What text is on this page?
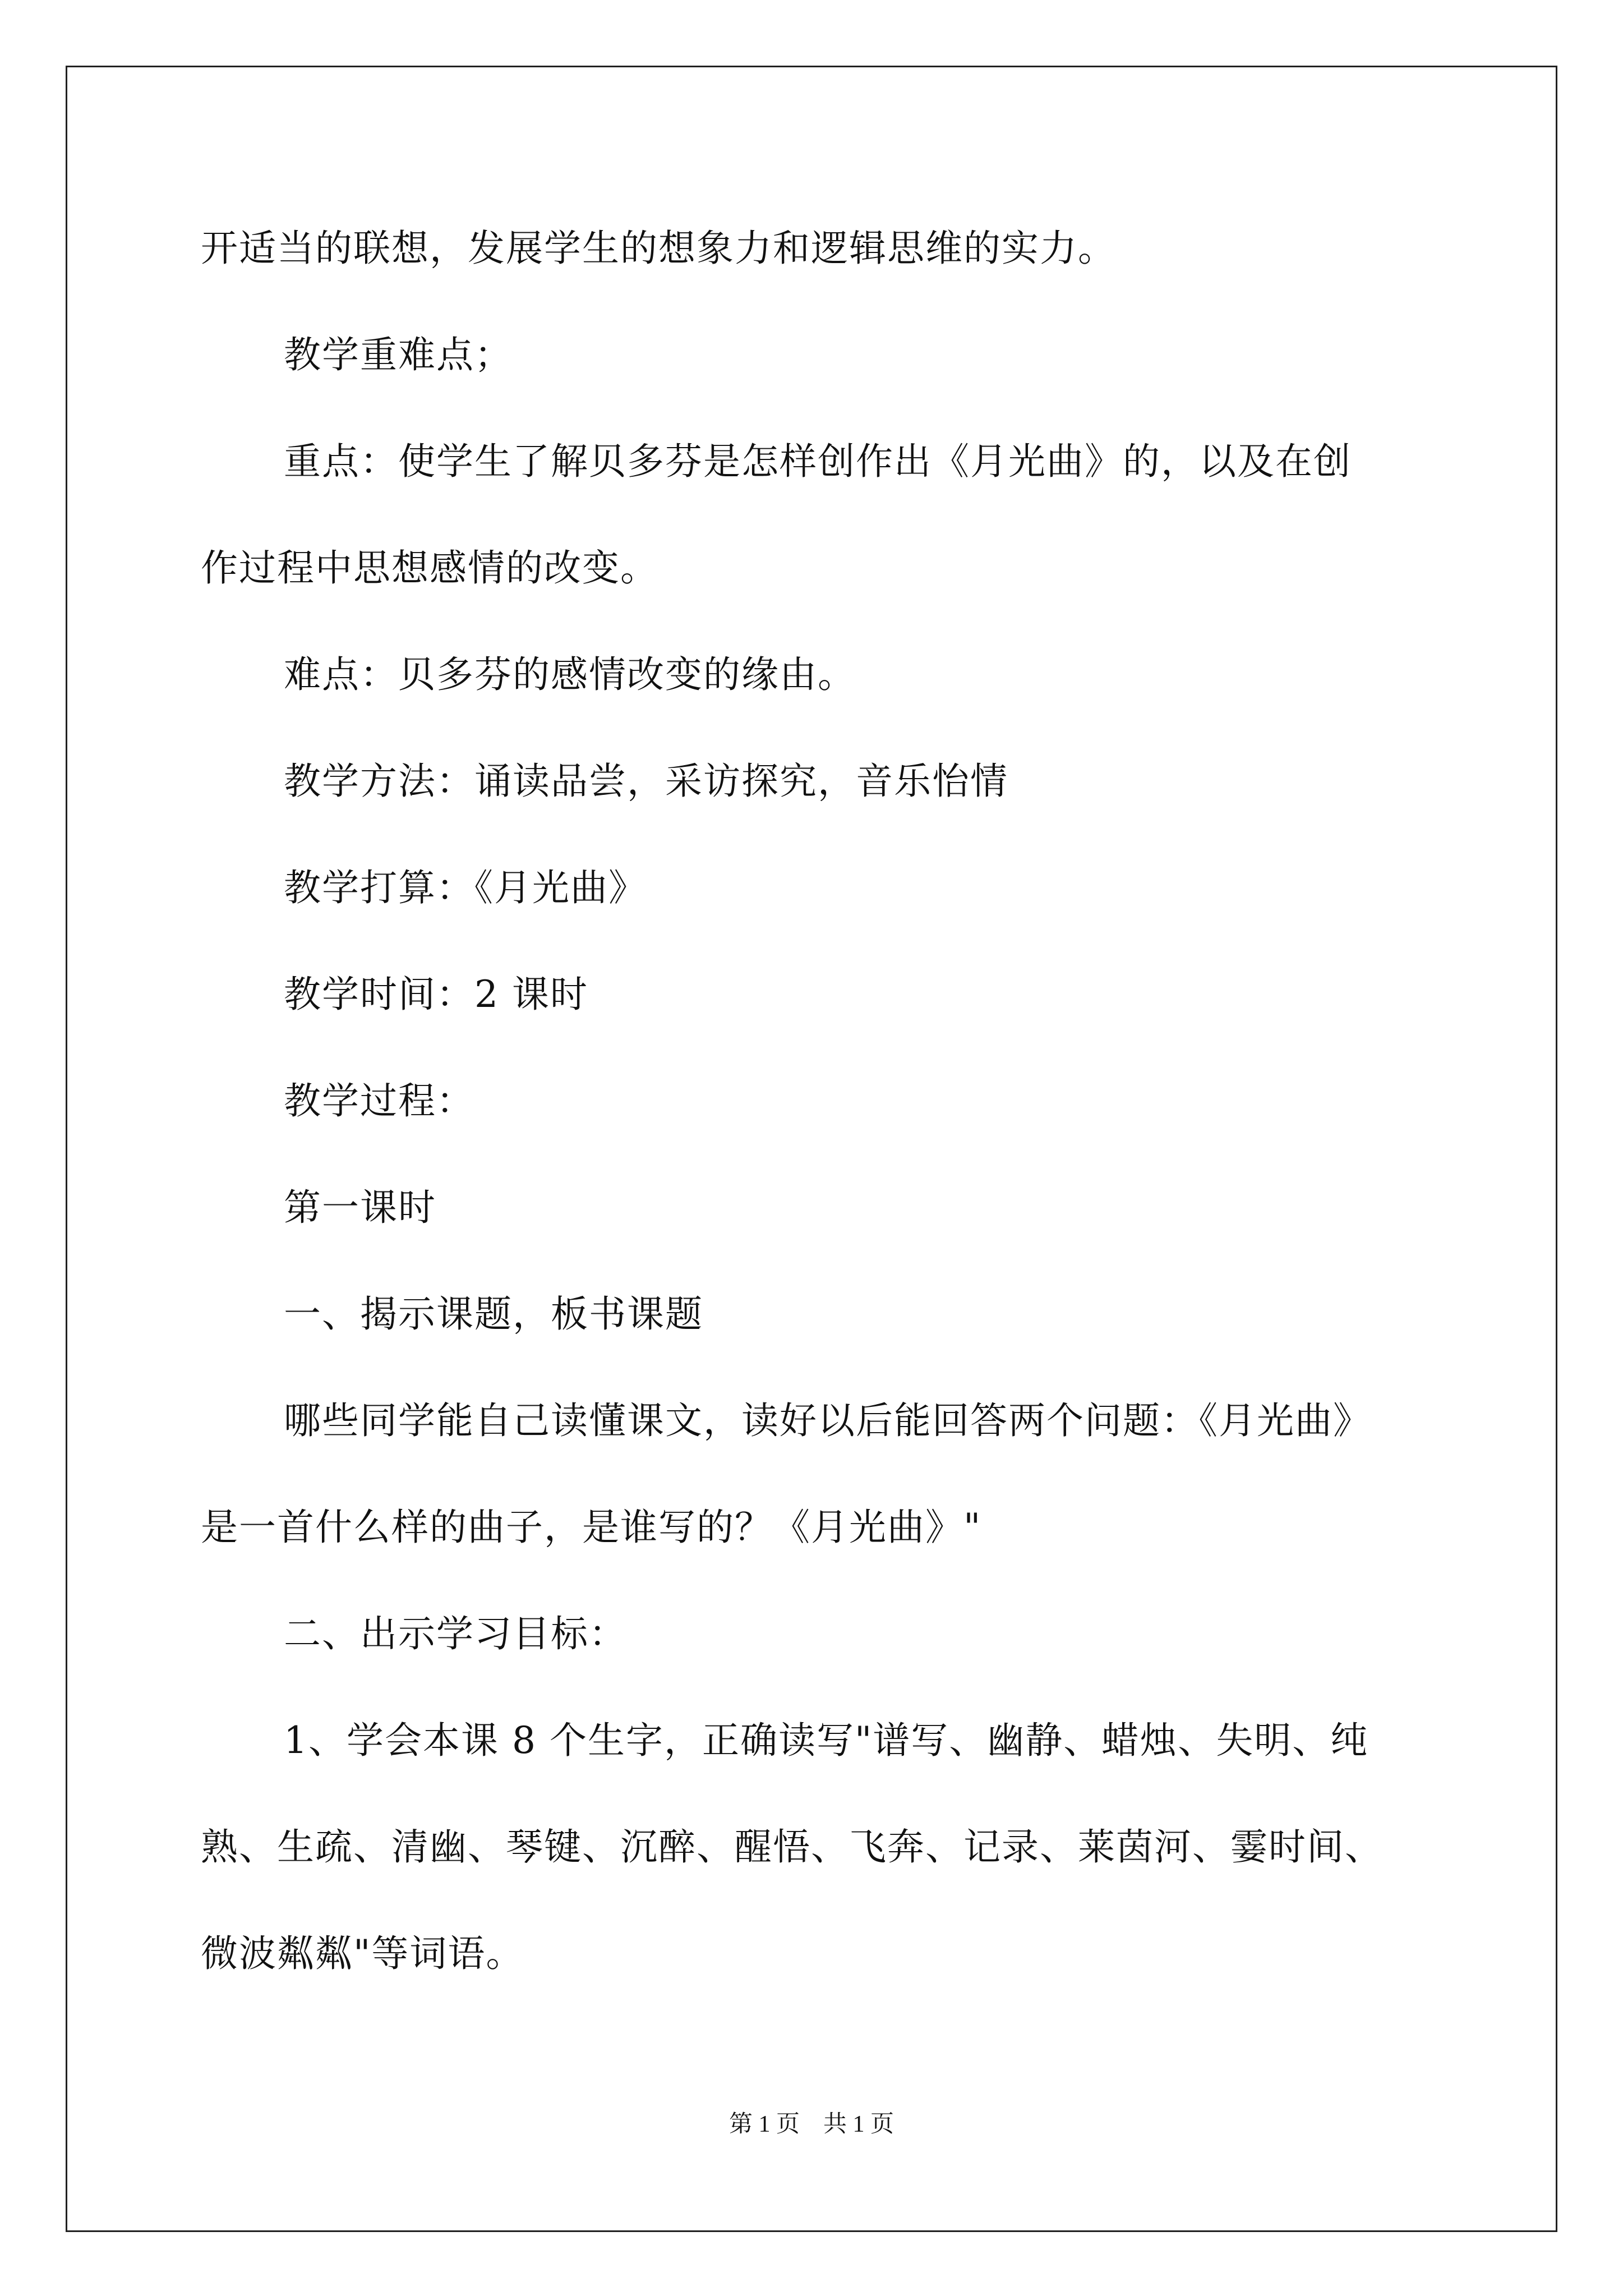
开适当的联想，发展学生的想象力和逻辑思维的实力。

教学重难点；

重点：使学生了解贝多芬是怎样创作出《月光曲》的，以及在创
作过程中思想感情的改变。

难点：贝多芬的感情改变的缘由。

教学方法：诵读品尝，采访探究，音乐怡情

教学打算：《月光曲》

教学时间：2 课时

教学过程：

第一课时

一、揭示课题，板书课题

哪些同学能自己读懂课文，读好以后能回答两个问题：《月光曲》
是一首什么样的曲子，是谁写的？《月光曲》"

二、出示学习目标：

1、学会本课 8 个生字，正确读写"谱写、幽静、蜡烛、失明、纯
熟、生疏、清幽、琴键、沉醉、醒悟、飞奔、记录、莱茵河、霎时间、
微波粼粼"等词语。

第 1 页　共 1 页
